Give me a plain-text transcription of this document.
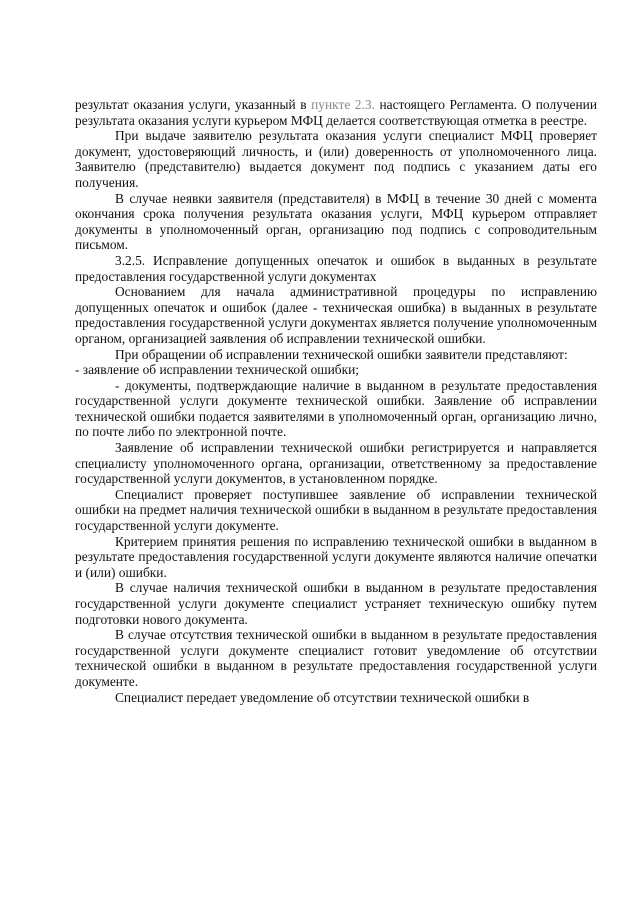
результат оказания услуги, указанный в пункте 2.3. настоящего Регламента. О получении результата оказания услуги курьером МФЦ делается соответствующая отметка в реестре.

При выдаче заявителю результата оказания услуги специалист МФЦ проверяет документ, удостоверяющий личность, и (или) доверенность от уполномоченного лица. Заявителю (представителю) выдается документ под подпись с указанием даты его получения.

В случае неявки заявителя (представителя) в МФЦ в течение 30 дней с момента окончания срока получения результата оказания услуги, МФЦ курьером отправляет документы в уполномоченный орган, организацию под подпись с сопроводительным письмом.

3.2.5. Исправление допущенных опечаток и ошибок в выданных в результате предоставления государственной услуги документах

Основанием для начала административной процедуры по исправлению допущенных опечаток и ошибок (далее - техническая ошибка) в выданных в результате предоставления государственной услуги документах является получение уполномоченным органом, организацией заявления об исправлении технической ошибки.

При обращении об исправлении технической ошибки заявители представляют:

- заявление об исправлении технической ошибки;

- документы, подтверждающие наличие в выданном в результате предоставления государственной услуги документе технической ошибки. Заявление об исправлении технической ошибки подается заявителями в уполномоченный орган, организацию лично, по почте либо по электронной почте.

Заявление об исправлении технической ошибки регистрируется и направляется специалисту уполномоченного органа, организации, ответственному за предоставление государственной услуги документов, в установленном порядке.

Специалист проверяет поступившее заявление об исправлении технической ошибки на предмет наличия технической ошибки в выданном в результате предоставления государственной услуги документе.

Критерием принятия решения по исправлению технической ошибки в выданном в результате предоставления государственной услуги документе являются наличие опечатки и (или) ошибки.

В случае наличия технической ошибки в выданном в результате предоставления государственной услуги документе специалист устраняет техническую ошибку путем подготовки нового документа.

В случае отсутствия технической ошибки в выданном в результате предоставления государственной услуги документе специалист готовит уведомление об отсутствии технической ошибки в выданном в результате предоставления государственной услуги документе.

Специалист передает уведомление об отсутствии технической ошибки в
